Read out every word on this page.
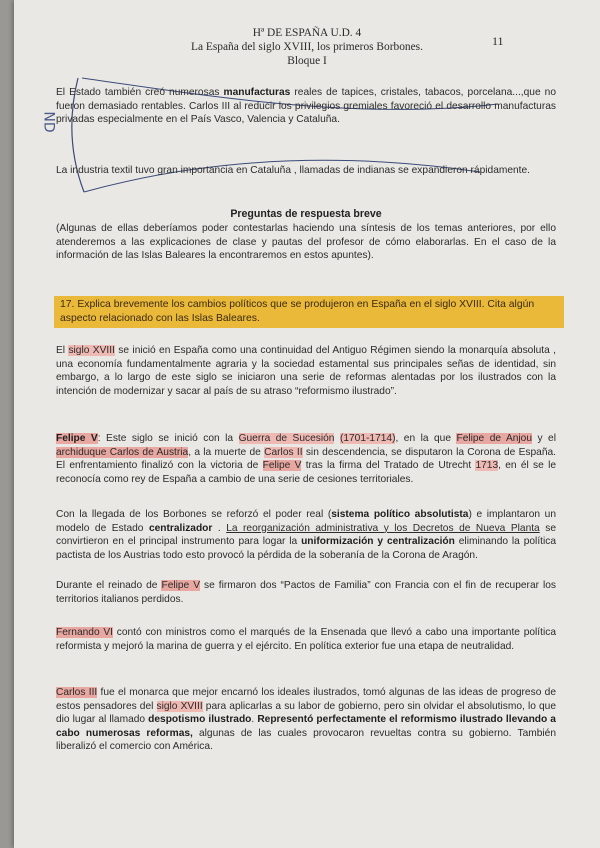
Hª DE ESPAÑA U.D. 4
La España del siglo XVIII, los primeros Borbones.
Bloque I
11
ND
El Estado también creó numerosas manufacturas reales de tapices, cristales, tabacos, porcelana...,que no fueron demasiado rentables. Carlos III al reducir los privilegios gremiales favoreció el desarrollo manufacturas privadas especialmente en el País Vasco, Valencia y Cataluña.
La industria textil tuvo gran importancia en Cataluña , llamadas de indianas se expandieron rápidamente.
Preguntas de respuesta breve
(Algunas de ellas deberíamos poder contestarlas haciendo una síntesis de los temas anteriores, por ello atenderemos a las explicaciones de clase y pautas del profesor de cómo elaborarlas. En el caso de la información de las Islas Baleares la encontraremos en estos apuntes).
17. Explica brevemente los cambios políticos que se produjeron en España en el siglo XVIII. Cita algún aspecto relacionado con las Islas Baleares.
El siglo XVIII se inició en España como una continuidad del Antiguo Régimen siendo la monarquía absoluta , una economía fundamentalmente agraria y la sociedad estamental sus principales señas de identidad, sin embargo, a lo largo de este siglo se iniciaron una serie de reformas alentadas por los ilustrados con la intención de modernizar y sacar al país de su atraso “reformismo ilustrado”.
Felipe V: Este siglo se inició con la Guerra de Sucesión (1701-1714), en la que Felipe de Anjou y el archiduque Carlos de Austria, a la muerte de Carlos II sin descendencia, se disputaron la Corona de España. El enfrentamiento finalizó con la victoria de Felipe V tras la firma del Tratado de Utrecht 1713, en él se le reconocía como rey de España a cambio de una serie de cesiones territoriales.
Con la llegada de los Borbones se reforzó el poder real (sistema político absolutista) e implantaron un modelo de Estado centralizador . La reorganización administrativa y los Decretos de Nueva Planta se convirtieron en el principal instrumento para logar la uniformización y centralización eliminando la política pactista de los Austrias todo esto provocó la pérdida de la soberanía de la Corona de Aragón.
Durante el reinado de Felipe V se firmaron dos “Pactos de Familia” con Francia con el fin de recuperar los territorios italianos perdidos.
Fernando VI contó con ministros como el marqués de la Ensenada que llevó a cabo una importante política reformista y mejoró la marina de guerra y el ejército. En política exterior fue una etapa de neutralidad.
Carlos III fue el monarca que mejor encarnó los ideales ilustrados, tomó algunas de las ideas de progreso de estos pensadores del siglo XVIII para aplicarlas a su labor de gobierno, pero sin olvidar el absolutismo, lo que dio lugar al llamado despotismo ilustrado. Representó perfectamente el reformismo ilustrado llevando a cabo numerosas reformas, algunas de las cuales provocaron revueltas contra su gobierno. También liberalizó el comercio con América.
